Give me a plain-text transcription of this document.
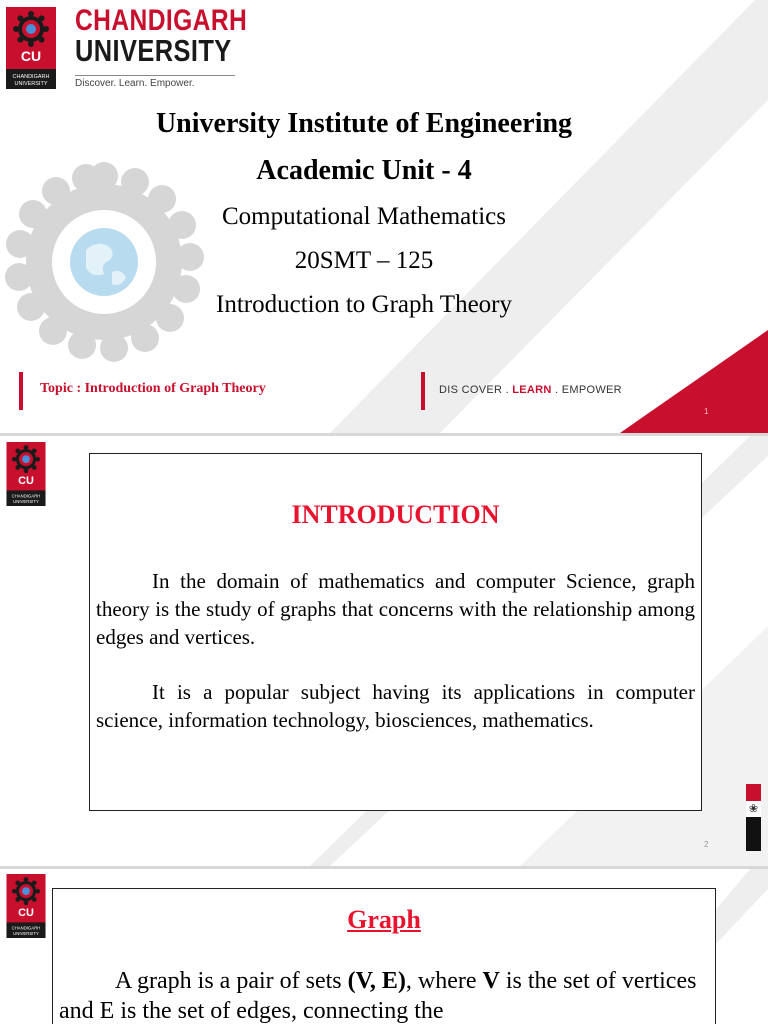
CU
CHANDIGARH
UNIVERSITY
CHANDIGARH
UNIVERSITY
Discover. Learn. Empower.
University Institute of Engineering
Academic Unit - 4
Computational Mathematics
20SMT – 125
Introduction to Graph Theory
Topic : Introduction of Graph Theory	DIS COVER . LEARN . EMPOWER
1
CU
CHANDIGARH
UNIVERSITY	INTRODUCTION
In the domain of mathematics and computer Science, graph theory is the study of graphs that concerns with the relationship among edges and vertices.
It is a popular subject having its applications in computer science, information technology, biosciences, mathematics.
❀
2
CU
CHANDIGARH
UNIVERSITY	Graph
A graph is a pair of sets (V, E), where V is the set of vertices and E is the set of edges, connecting the
